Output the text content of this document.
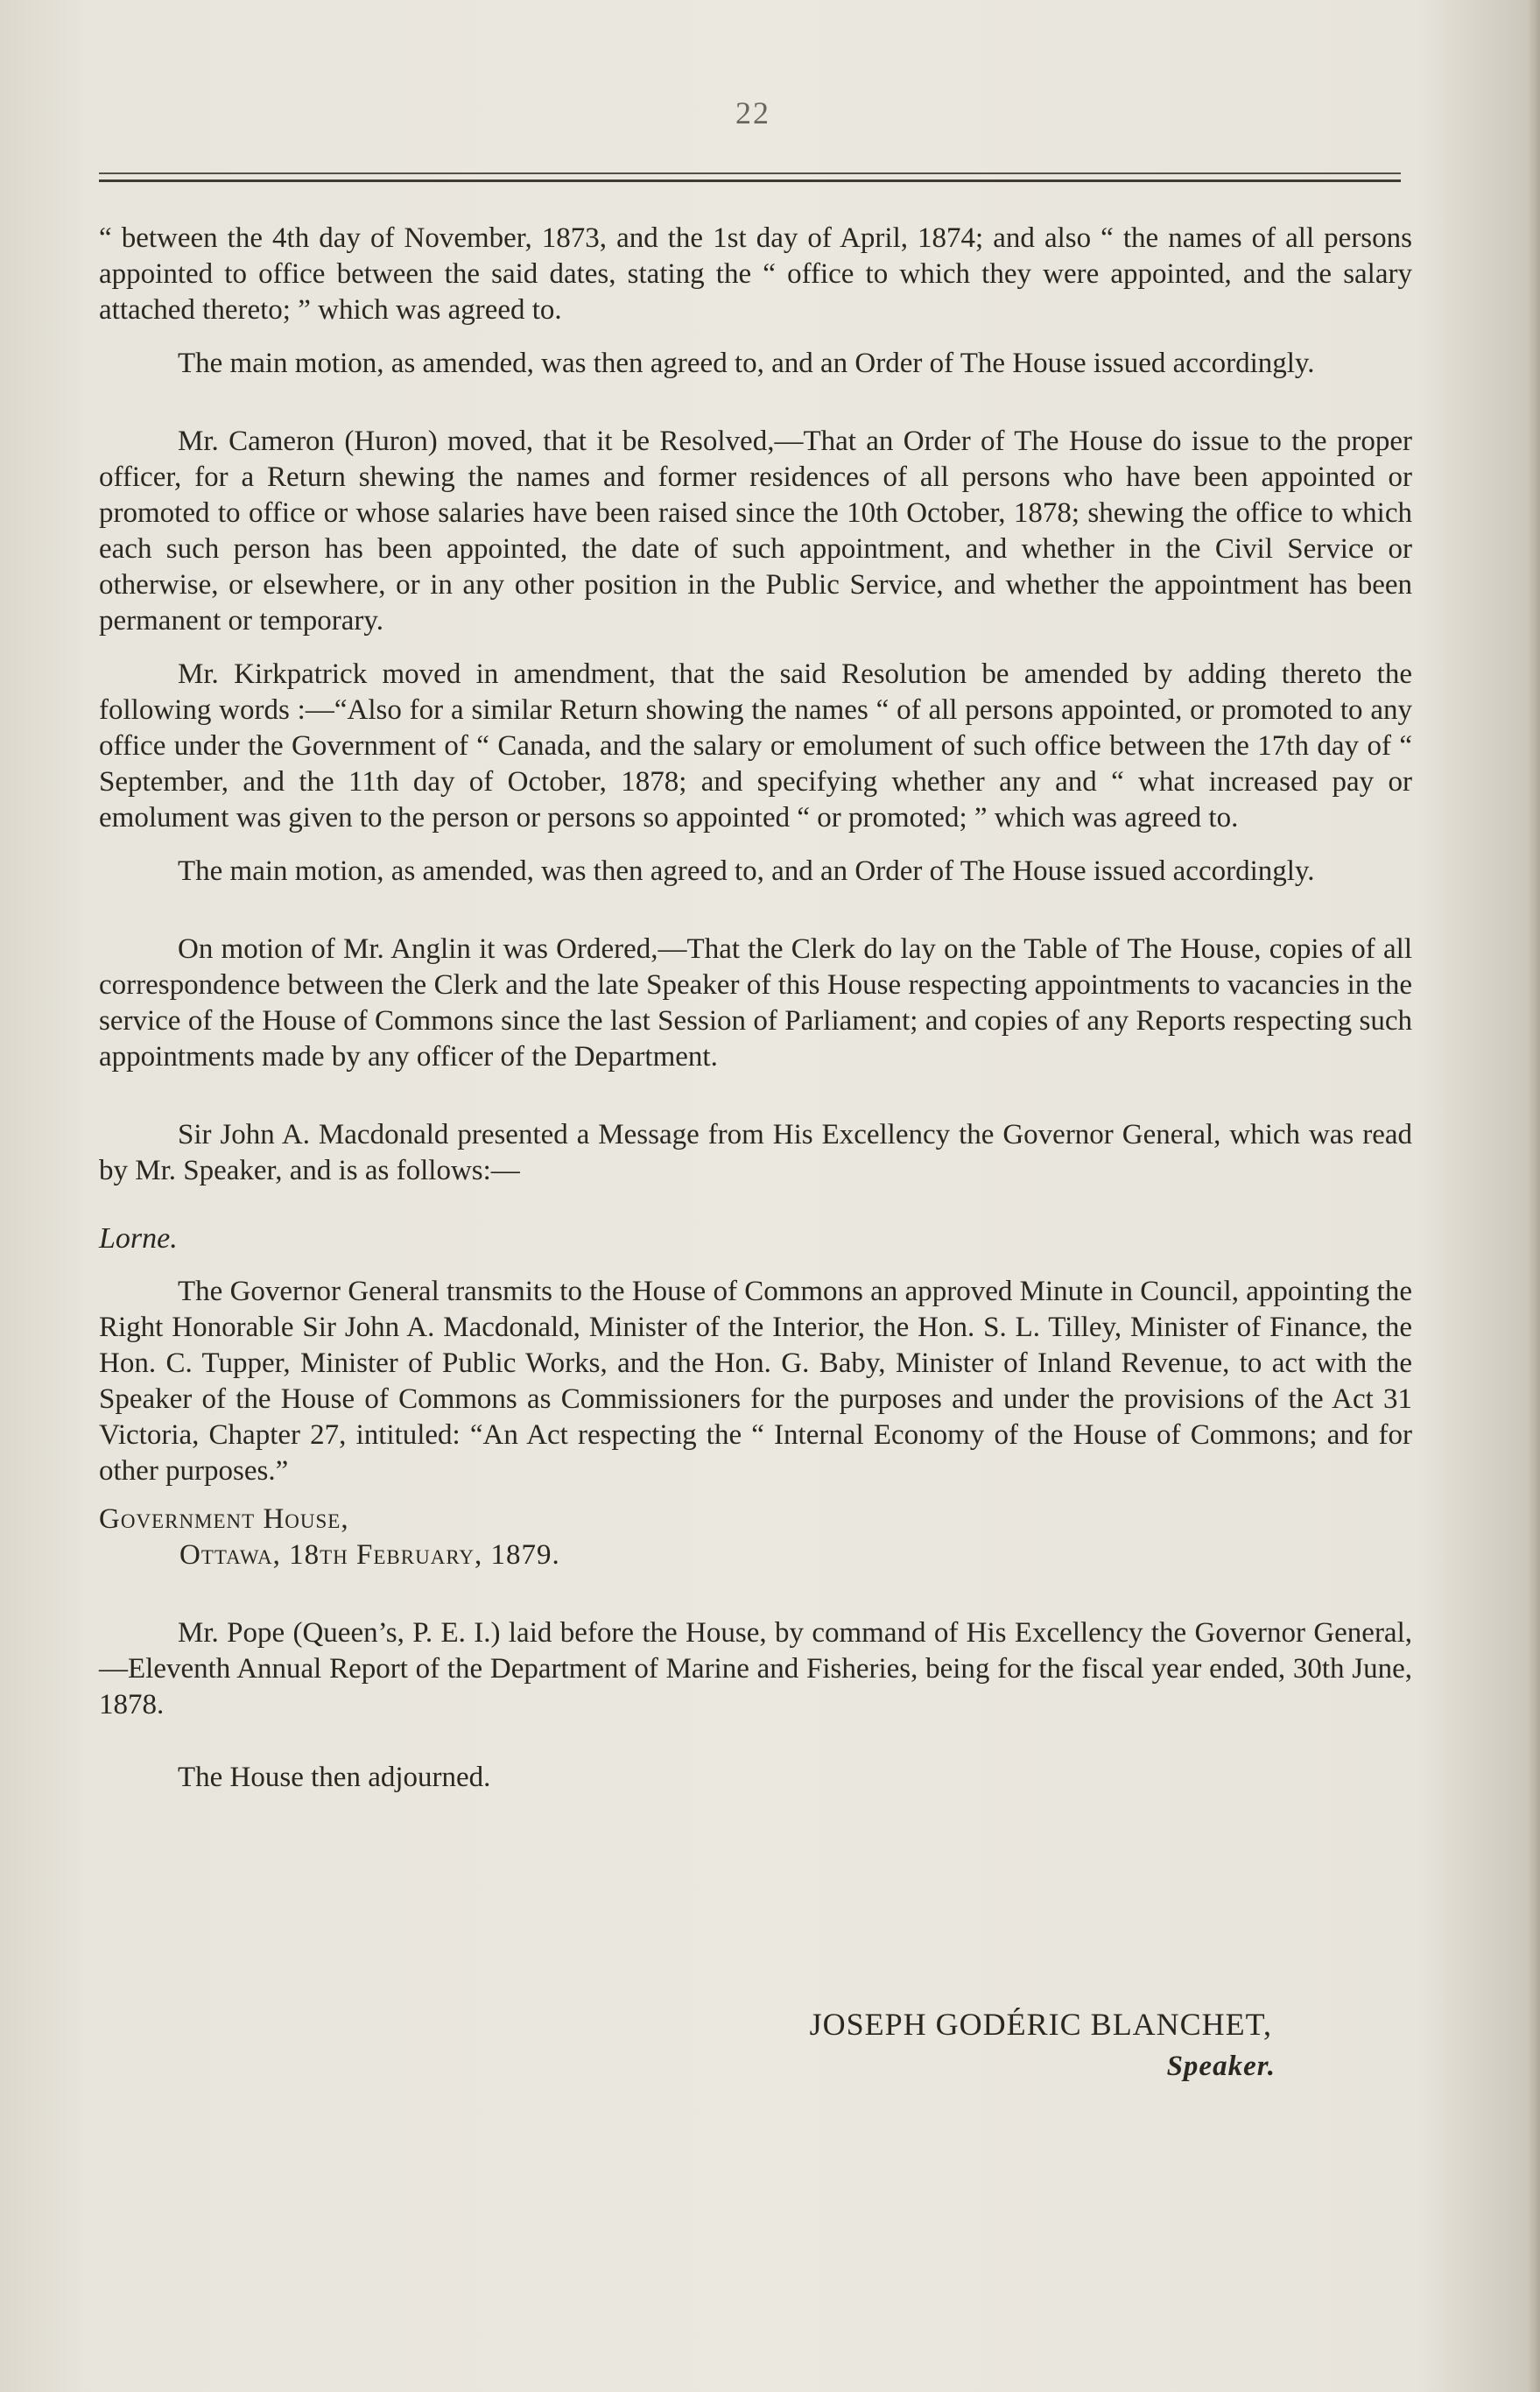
22

“ between the 4th day of November, 1873, and the 1st day of April, 1874; and also “ the names of all persons appointed to office between the said dates, stating the “ office to which they were appointed, and the salary attached thereto; ” which was agreed to.

The main motion, as amended, was then agreed to, and an Order of The House issued accordingly.

Mr. Cameron (Huron) moved, that it be Resolved,—That an Order of The House do issue to the proper officer, for a Return shewing the names and former residences of all persons who have been appointed or promoted to office or whose salaries have been raised since the 10th October, 1878; shewing the office to which each such person has been appointed, the date of such appointment, and whether in the Civil Service or otherwise, or elsewhere, or in any other position in the Public Service, and whether the appointment has been permanent or temporary.

Mr. Kirkpatrick moved in amendment, that the said Resolution be amended by adding thereto the following words :—“Also for a similar Return showing the names “ of all persons appointed, or promoted to any office under the Government of “ Canada, and the salary or emolument of such office between the 17th day of “ September, and the 11th day of October, 1878; and specifying whether any and “ what increased pay or emolument was given to the person or persons so appointed “ or promoted; ” which was agreed to.

The main motion, as amended, was then agreed to, and an Order of The House issued accordingly.

On motion of Mr. Anglin it was Ordered,—That the Clerk do lay on the Table of The House, copies of all correspondence between the Clerk and the late Speaker of this House respecting appointments to vacancies in the service of the House of Commons since the last Session of Parliament; and copies of any Reports respecting such appointments made by any officer of the Department.

Sir John A. Macdonald presented a Message from His Excellency the Governor General, which was read by Mr. Speaker, and is as follows:—

Lorne.

The Governor General transmits to the House of Commons an approved Minute in Council, appointing the Right Honorable Sir John A. Macdonald, Minister of the Interior, the Hon. S. L. Tilley, Minister of Finance, the Hon. C. Tupper, Minister of Public Works, and the Hon. G. Baby, Minister of Inland Revenue, to act with the Speaker of the House of Commons as Commissioners for the purposes and under the provisions of the Act 31 Victoria, Chapter 27, intituled: “An Act respecting the “ Internal Economy of the House of Commons; and for other purposes.”

Government House,

Ottawa, 18th February, 1879.

Mr. Pope (Queen’s, P. E. I.) laid before the House, by command of His Excellency the Governor General,—Eleventh Annual Report of the Department of Marine and Fisheries, being for the fiscal year ended, 30th June, 1878.

The House then adjourned.

JOSEPH GODÉRIC BLANCHET,
Speaker.
